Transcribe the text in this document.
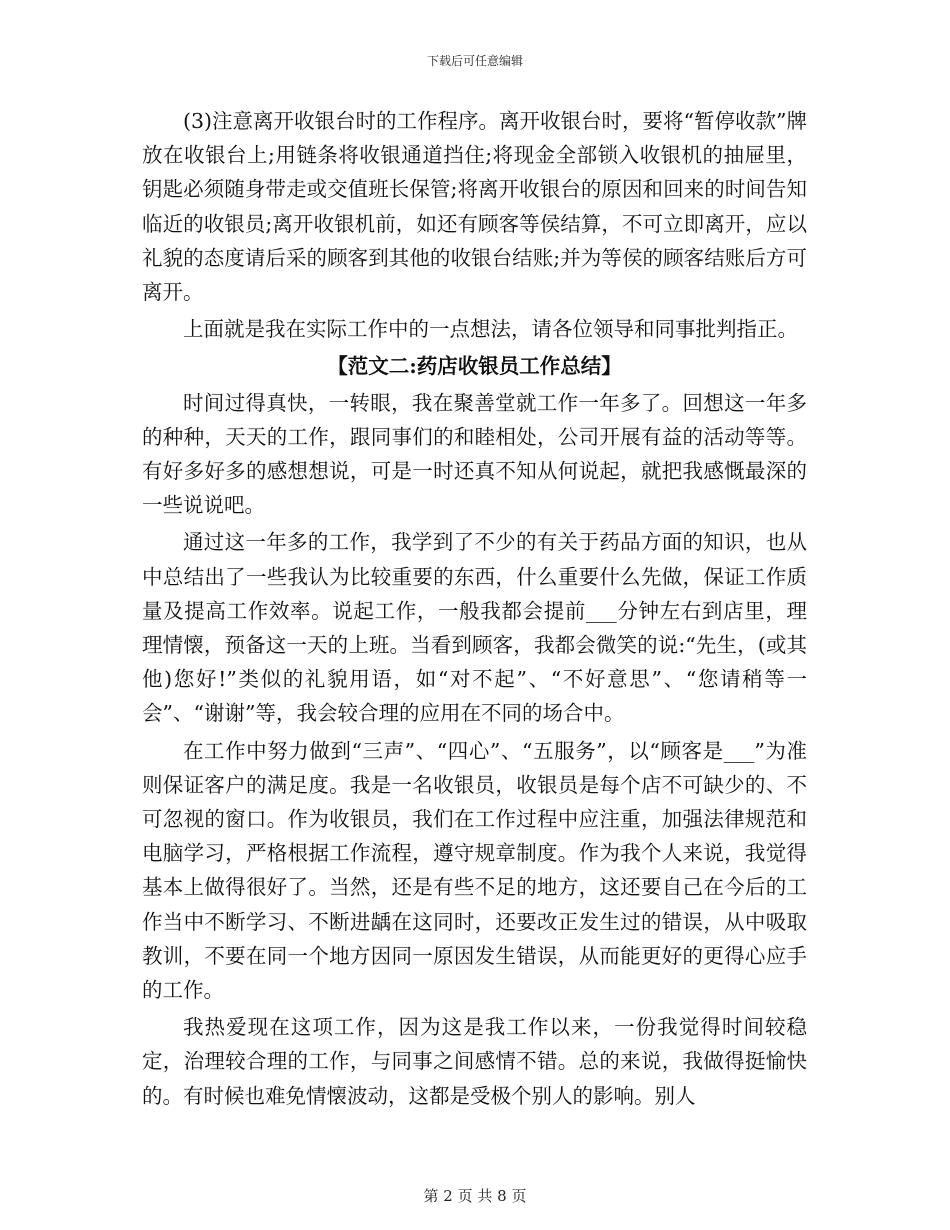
下载后可任意编辑

(3)注意离开收银台时的工作程序。离开收银台时，要将“暂停收款”牌放在收银台上;用链条将收银通道挡住;将现金全部锁入收银机的抽屉里，钥匙必须随身带走或交值班长保管;将离开收银台的原因和回来的时间告知临近的收银员;离开收银机前，如还有顾客等侯结算，不可立即离开，应以礼貌的态度请后采的顾客到其他的收银台结账;并为等侯的顾客结账后方可离开。

上面就是我在实际工作中的一点想法，请各位领导和同事批判指正。

【范文二:药店收银员工作总结】

时间过得真快，一转眼，我在聚善堂就工作一年多了。回想这一年多的种种，天天的工作，跟同事们的和睦相处，公司开展有益的活动等等。有好多好多的感想想说，可是一时还真不知从何说起，就把我感慨最深的一些说说吧。

通过这一年多的工作，我学到了不少的有关于药品方面的知识，也从中总结出了一些我认为比较重要的东西，什么重要什么先做，保证工作质量及提高工作效率。说起工作，一般我都会提前___分钟左右到店里，理理情懐，预备这一天的上班。当看到顾客，我都会微笑的说:“先生，(或其他)您好!”类似的礼貌用语，如“对不起”、“不好意思”、“您请稍等一会”、“谢谢”等，我会较合理的应用在不同的场合中。

在工作中努力做到“三声”、“四心”、“五服务”，以“顾客是___”为准则保证客户的满足度。我是一名收银员，收银员是每个店不可缺少的、不可忽视的窗口。作为收银员，我们在工作过程中应注重，加强法律规范和电脑学习，严格根据工作流程，遵守规章制度。作为我个人来说，我觉得基本上做得很好了。当然，还是有些不足的地方，这还要自己在今后的工作当中不断学习、不断进龋在这同时，还要改正发生过的错误，从中吸取教训，不要在同一个地方因同一原因发生错误，从而能更好的更得心应手的工作。

我热爱现在这项工作，因为这是我工作以来，一份我觉得时间较稳定，治理较合理的工作，与同事之间感情不错。总的来说，我做得挺愉快的。有时候也难免情懐波动，这都是受极个别人的影响。别人

第 2 页 共 8 页
